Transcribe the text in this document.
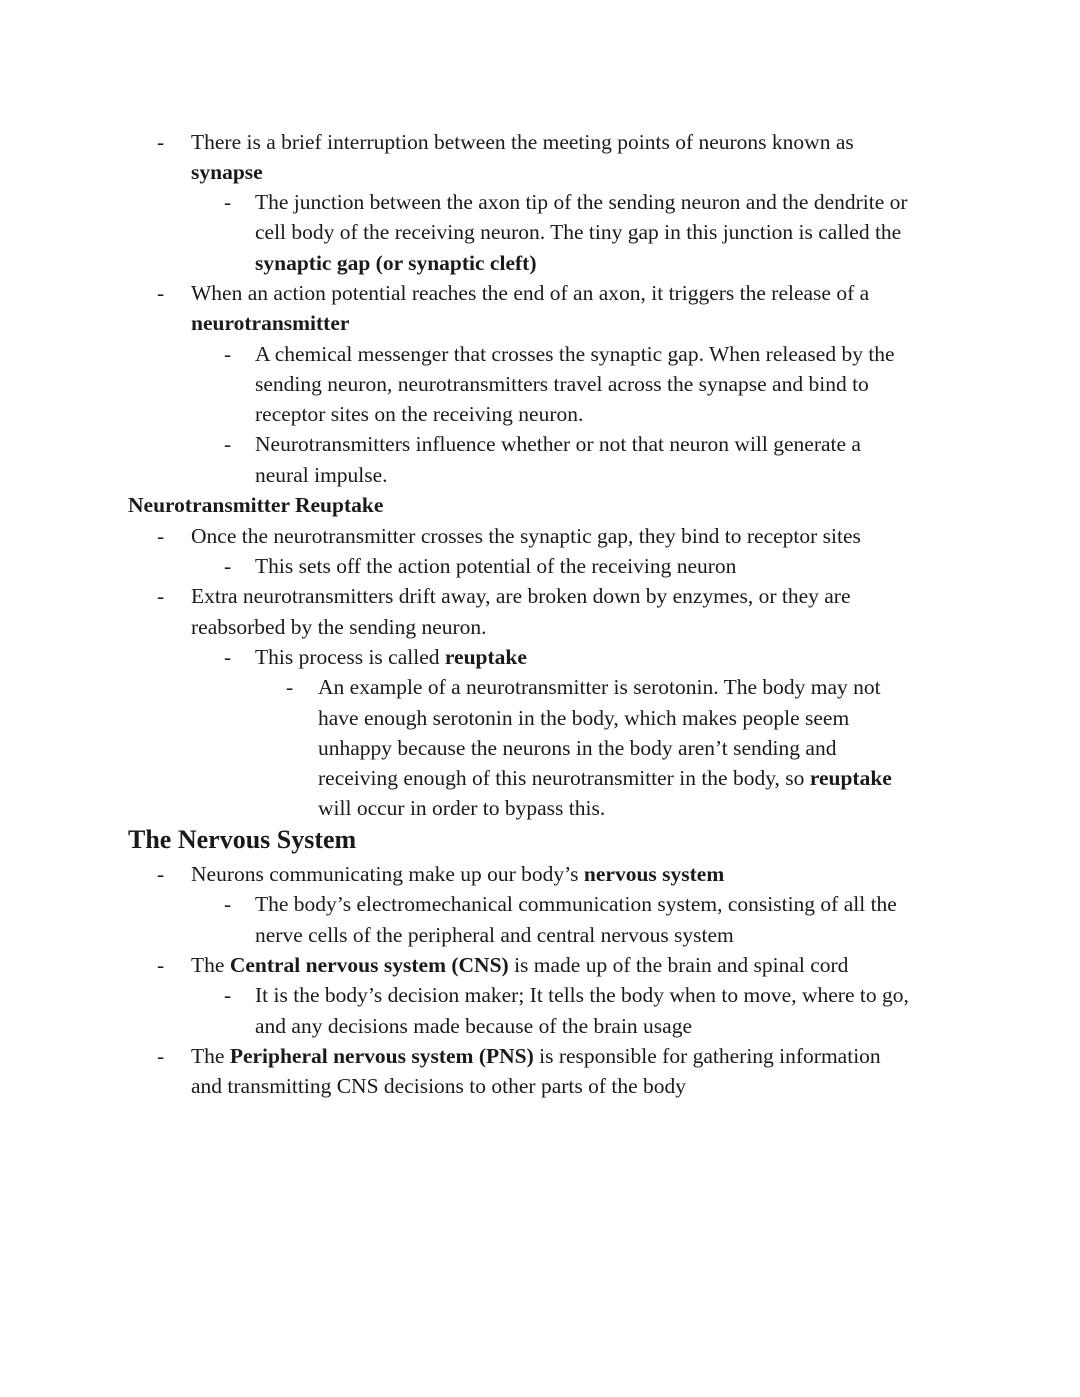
- There is a brief interruption between the meeting points of neurons known as
synapse
- The junction between the axon tip of the sending neuron and the dendrite or
cell body of the receiving neuron. The tiny gap in this junction is called the
synaptic gap (or synaptic cleft)
- When an action potential reaches the end of an axon, it triggers the release of a
neurotransmitter
- A chemical messenger that crosses the synaptic gap. When released by the
sending neuron, neurotransmitters travel across the synapse and bind to
receptor sites on the receiving neuron.
- Neurotransmitters influence whether or not that neuron will generate a
neural impulse.
Neurotransmitter Reuptake
- Once the neurotransmitter crosses the synaptic gap, they bind to receptor sites
- This sets off the action potential of the receiving neuron
- Extra neurotransmitters drift away, are broken down by enzymes, or they are
reabsorbed by the sending neuron.
- This process is called reuptake
- An example of a neurotransmitter is serotonin. The body may not
have enough serotonin in the body, which makes people seem
unhappy because the neurons in the body aren’t sending and
receiving enough of this neurotransmitter in the body, so reuptake
will occur in order to bypass this.
The Nervous System
- Neurons communicating make up our body’s nervous system
- The body’s electromechanical communication system, consisting of all the
nerve cells of the peripheral and central nervous system
- The Central nervous system (CNS) is made up of the brain and spinal cord
- It is the body’s decision maker; It tells the body when to move, where to go,
and any decisions made because of the brain usage
- The Peripheral nervous system (PNS) is responsible for gathering information
and transmitting CNS decisions to other parts of the body
